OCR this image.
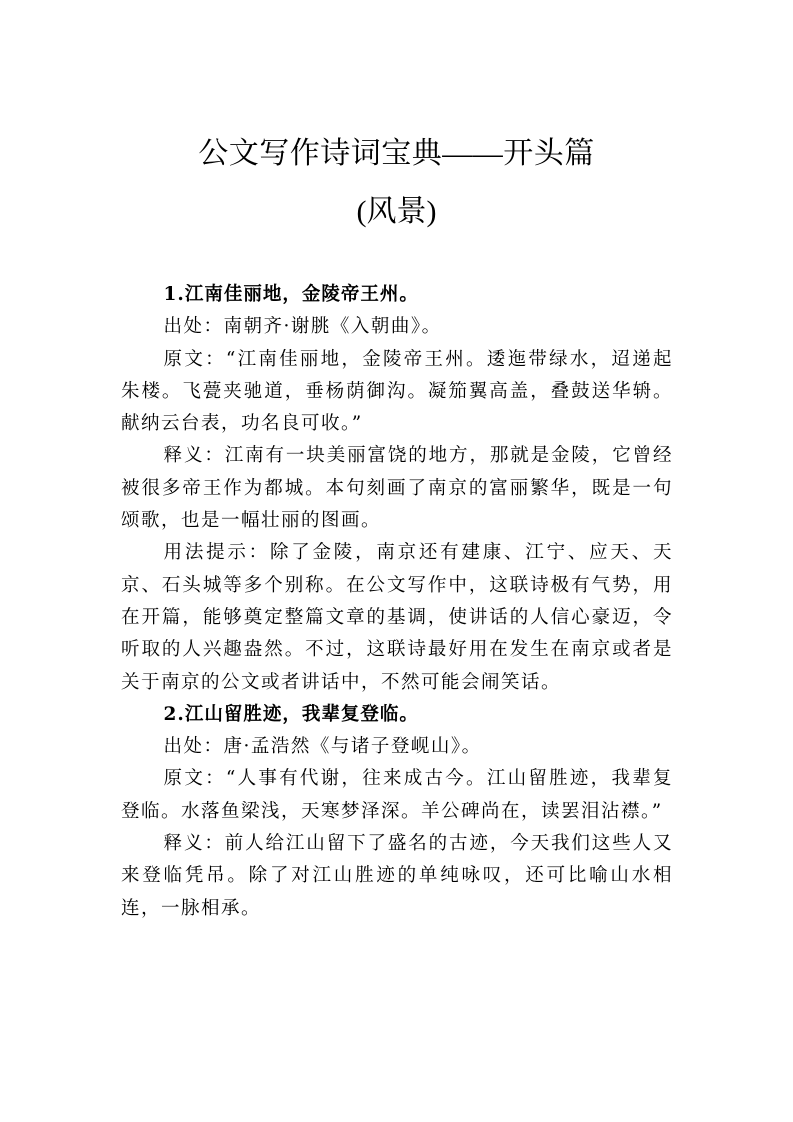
公文写作诗词宝典——开头篇
(风景)

1.江南佳丽地，金陵帝王州。

出处：南朝齐·谢朓《入朝曲》。

原文：“江南佳丽地，金陵帝王州。逶迤带绿水，迢递起朱楼。飞甍夹驰道，垂杨荫御沟。凝笳翼高盖，叠鼓送华辀。献纳云台表，功名良可收。”

释义：江南有一块美丽富饶的地方，那就是金陵，它曾经被很多帝王作为都城。本句刻画了南京的富丽繁华，既是一句颂歌，也是一幅壮丽的图画。

用法提示：除了金陵，南京还有建康、江宁、应天、天京、石头城等多个别称。在公文写作中，这联诗极有气势，用在开篇，能够奠定整篇文章的基调，使讲话的人信心豪迈，令听取的人兴趣盎然。不过，这联诗最好用在发生在南京或者是关于南京的公文或者讲话中，不然可能会闹笑话。

2.江山留胜迹，我辈复登临。

出处：唐·孟浩然《与诸子登岘山》。

原文：“人事有代谢，往来成古今。江山留胜迹，我辈复登临。水落鱼梁浅，天寒梦泽深。羊公碑尚在，读罢泪沾襟。”

释义：前人给江山留下了盛名的古迹，今天我们这些人又来登临凭吊。除了对江山胜迹的单纯咏叹，还可比喻山水相连，一脉相承。
